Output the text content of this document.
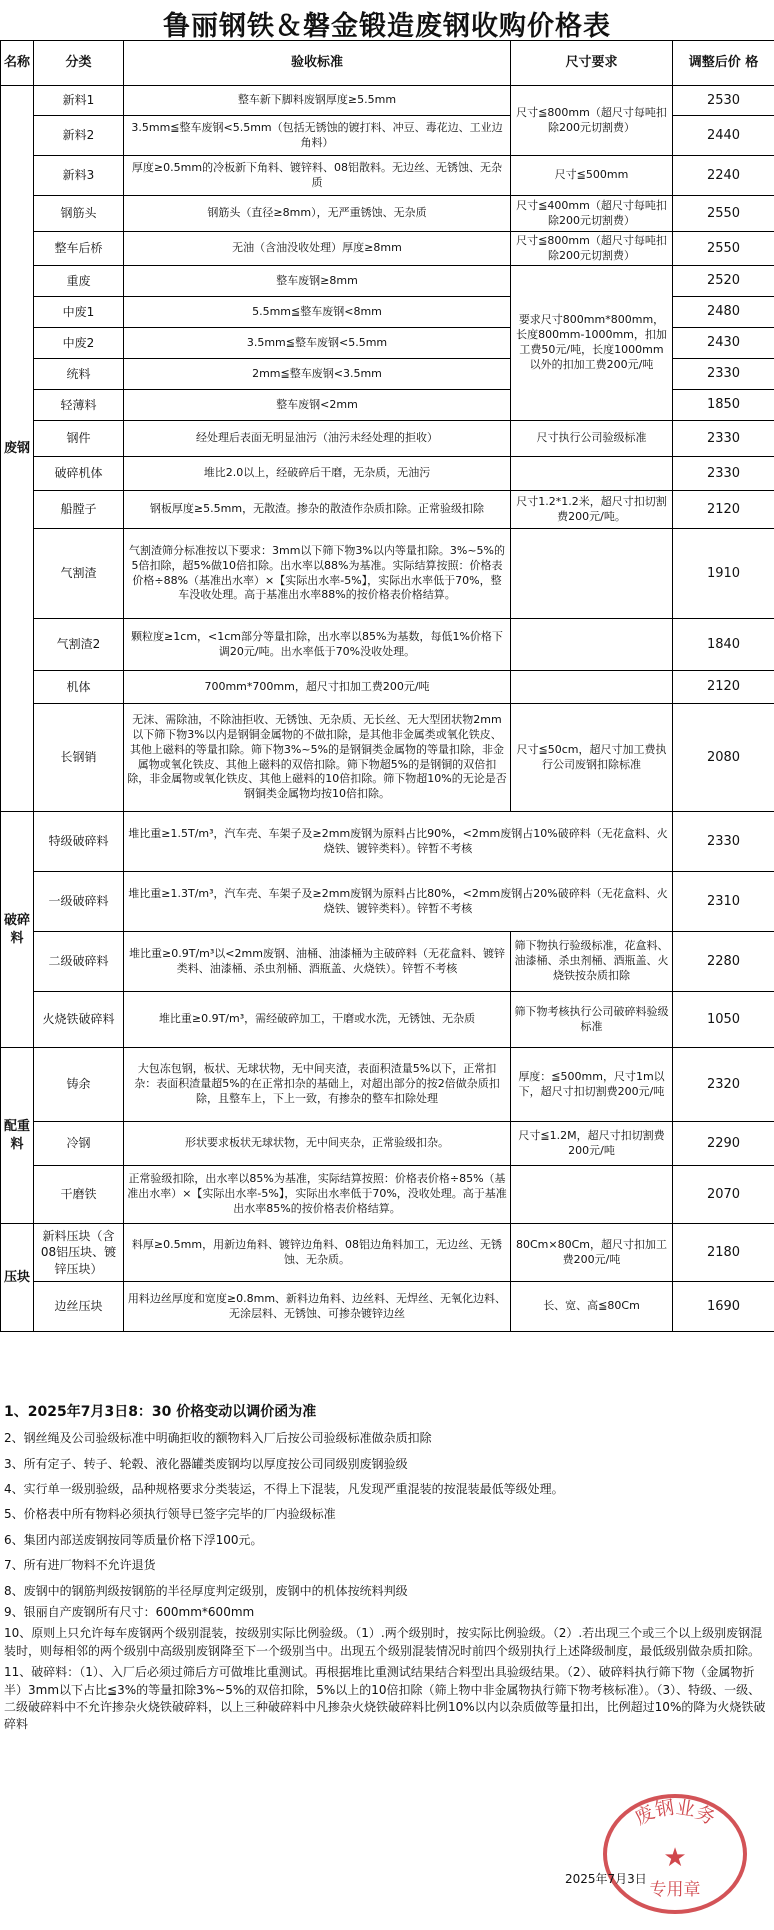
鲁丽钢铁＆磐金锻造废钢收购价格表
名称	分类	验收标准	尺寸要求	调整后价 格
废钢	新料1	整车新下脚料废钢厚度≥5.5mm	尺寸≦800mm（超尺寸每吨扣除200元切割费）	2530
	新料2	3.5mm≦整车废钢<5.5mm（包括无锈蚀的镀打料、冲豆、毒花边、工业边角料）		2440
	新料3	厚度≥0.5mm的冷板新下角料、镀锌料、08铝散料。无边丝、无锈蚀、无杂质	尺寸≦500mm	2240
	钢筋头	钢筋头（直径≥8mm），无严重锈蚀、无杂质	尺寸≦400mm（超尺寸每吨扣除200元切割费）	2550
	整车后桥	无油（含油没收处理）厚度≥8mm	尺寸≦800mm（超尺寸每吨扣除200元切割费）	2550
	重废	整车废钢≥8mm	要求尺寸800mm*800mm，长度800mm-1000mm，扣加工费50元/吨，长度1000mm以外的扣加工费200元/吨	2520
	中废1	5.5mm≦整车废钢<8mm		2480
	中废2	3.5mm≦整车废钢<5.5mm		2430
	统料	2mm≦整车废钢<3.5mm		2330
	轻薄料	整车废钢<2mm		1850
	钢件	经处理后表面无明显油污（油污未经处理的拒收）	尺寸执行公司验级标准	2330
	破碎机体	堆比2.0以上，经破碎后干磨，无杂质，无油污		2330
	船膛子	钢板厚度≥5.5mm，无散渣。掺杂的散渣作杂质扣除。正常验级扣除	尺寸1.2*1.2米，超尺寸扣切割费200元/吨。	2120
	气割渣	气割渣筛分标准按以下要求：3mm以下筛下物3%以内等量扣除。3%~5%的5倍扣除，超5%做10倍扣除。出水率以88%为基准。实际结算按照：价格表价格÷88%（基准出水率）×【实际出水率-5%】，实际出水率低于70%，整车没收处理。高于基准出水率88%的按价格表价格结算。		1910
	气割渣2	颗粒度≥1cm，<1cm部分等量扣除，出水率以85%为基数，每低1%价格下调20元/吨。出水率低于70%没收处理。		1840
	机体	700mm*700mm，超尺寸扣加工费200元/吨		2120
	长钢销	无沫、需除油，不除油拒收、无锈蚀、无杂质、无长丝、无大型团状物2mm以下筛下物3%以内是钢铜金属物的不做扣除，是其他非金属类或氧化铁皮、其他上磁料的等量扣除。筛下物3%~5%的是钢铜类金属物的等量扣除，非金属物或氧化铁皮、其他上磁料的双倍扣除。筛下物超5%的是钢铜的双倍扣除，非金属物或氧化铁皮、其他上磁料的10倍扣除。筛下物超10%的无论是否钢铜类金属物均按10倍扣除。	尺寸≦50cm，超尺寸加工费执行公司废钢扣除标准	2080
破碎料	特级破碎料	堆比重≥1.5T/m³，汽车壳、车架子及≥2mm废钢为原料占比90%，<2mm废钢占10%破碎料（无花盒料、火烧铁、镀锌类料）。锌暂不考核		2330
	一级破碎料	堆比重≥1.3T/m³，汽车壳、车架子及≥2mm废钢为原料占比80%，<2mm废钢占20%破碎料（无花盒料、火烧铁、镀锌类料）。锌暂不考核		2310
	二级破碎料	堆比重≥0.9T/m³以<2mm废钢、油桶、油漆桶为主破碎料（无花盒料、镀锌类料、油漆桶、杀虫剂桶、酒瓶盖、火烧铁）。锌暂不考核	筛下物执行验级标准，花盒料、油漆桶、杀虫剂桶、酒瓶盖、火烧铁按杂质扣除	2280
	火烧铁破碎料	堆比重≥0.9T/m³，需经破碎加工，干磨或水洗，无锈蚀、无杂质	筛下物考核执行公司破碎料验级标准	1050
配重料	铸余	大包冻包钢，板状、无球状物，无中间夹渣，表面积渣量5%以下，正常扣杂：表面积渣量超5%的在正常扣杂的基础上，对超出部分的按2倍做杂质扣除，且整车上，下上一致，有掺杂的整车扣除处理	厚度：≦500mm，尺寸1m以下，超尺寸扣切割费200元/吨	2320
	冷钢	形状要求板状无球状物，无中间夹杂，正常验级扣杂。	尺寸≦1.2M，超尺寸扣切割费200元/吨	2290
	干磨铁	正常验级扣除，出水率以85%为基准，实际结算按照：价格表价格÷85%（基准出水率）×【实际出水率-5%】，实际出水率低于70%，没收处理。高于基准出水率85%的按价格表价格结算。		2070
压块	新料压块（含08铝压块、镀锌压块）	料厚≥0.5mm，用新边角料、镀锌边角料、08铝边角料加工，无边丝、无锈蚀、无杂质。	80Cm×80Cm，超尺寸扣加工费200元/吨	2180
	边丝压块	用料边丝厚度和宽度≥0.8mm、新料边角料、边丝料、无焊丝、无氧化边料、无涂层料、无锈蚀、可掺杂镀锌边丝	长、宽、高≦80Cm	1690

1、2025年7月3日8：30 价格变动以调价函为准

2、钢丝绳及公司验级标准中明确拒收的额物料入厂后按公司验级标准做杂质扣除

3、所有定子、转子、轮毂、液化器罐类废钢均以厚度按公司同级别废钢验级

4、实行单一级别验级，品种规格要求分类装运，不得上下混装，凡发现严重混装的按混装最低等级处理。

5、价格表中所有物料必须执行领导已签字完毕的厂内验级标准

6、集团内部送废钢按同等质量价格下浮100元。

7、所有进厂物料不允许退货

8、废钢中的钢筋判级按钢筋的半径厚度判定级别，废钢中的机体按统料判级

9、银丽自产废钢所有尺寸：600mm*600mm

10、原则上只允许每车废钢两个级别混装，按级别实际比例验级。（1）.两个级别时，按实际比例验级。（2）.若出现三个或三个以上级别废钢混装时，则每相邻的两个级别中高级别废钢降至下一个级别当中。出现五个级别混装情况时前四个级别执行上述降级制度，最低级别做杂质扣除。

11、破碎料：（1）、入厂后必须过筛后方可做堆比重测试。再根据堆比重测试结果结合料型出具验级结果。（2）、破碎料执行筛下物（金属物折半）3mm以下占比≦3%的等量扣除3%~5%的双倍扣除，5%以上的10倍扣除（筛上物中非金属物执行筛下物考核标准）。（3）、特级、一级、二级破碎料中不允许掺杂火烧铁破碎料，以上三种破碎料中凡掺杂火烧铁破碎料比例10%以内以杂质做等量扣出，比例超过10%的降为火烧铁破碎料

废钢业务
★
专用章
2025年7月3日
